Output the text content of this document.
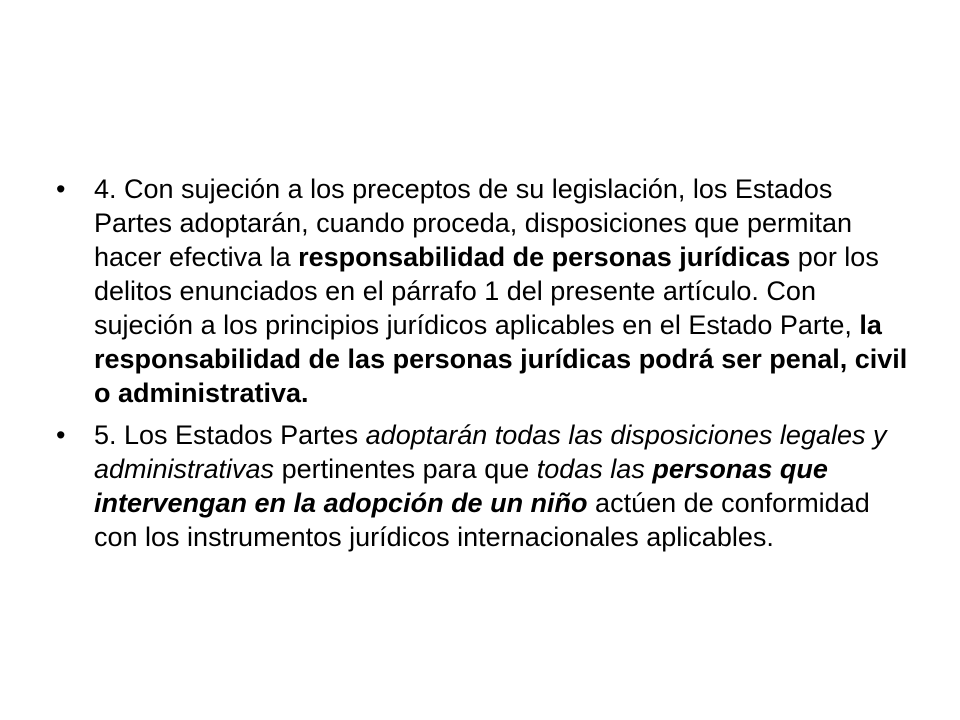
• 4. Con sujeción a los preceptos de su legislación, los Estados Partes adoptarán, cuando proceda, disposiciones que permitan hacer efectiva la responsabilidad de personas jurídicas por los delitos enunciados en el párrafo 1 del presente artículo. Con sujeción a los principios jurídicos aplicables en el Estado Parte, la responsabilidad de las personas jurídicas podrá ser penal, civil o administrativa.
• 5. Los Estados Partes adoptarán todas las disposiciones legales y administrativas pertinentes para que todas las personas que intervengan en la adopción de un niño actúen de conformidad con los instrumentos jurídicos internacionales aplicables.
